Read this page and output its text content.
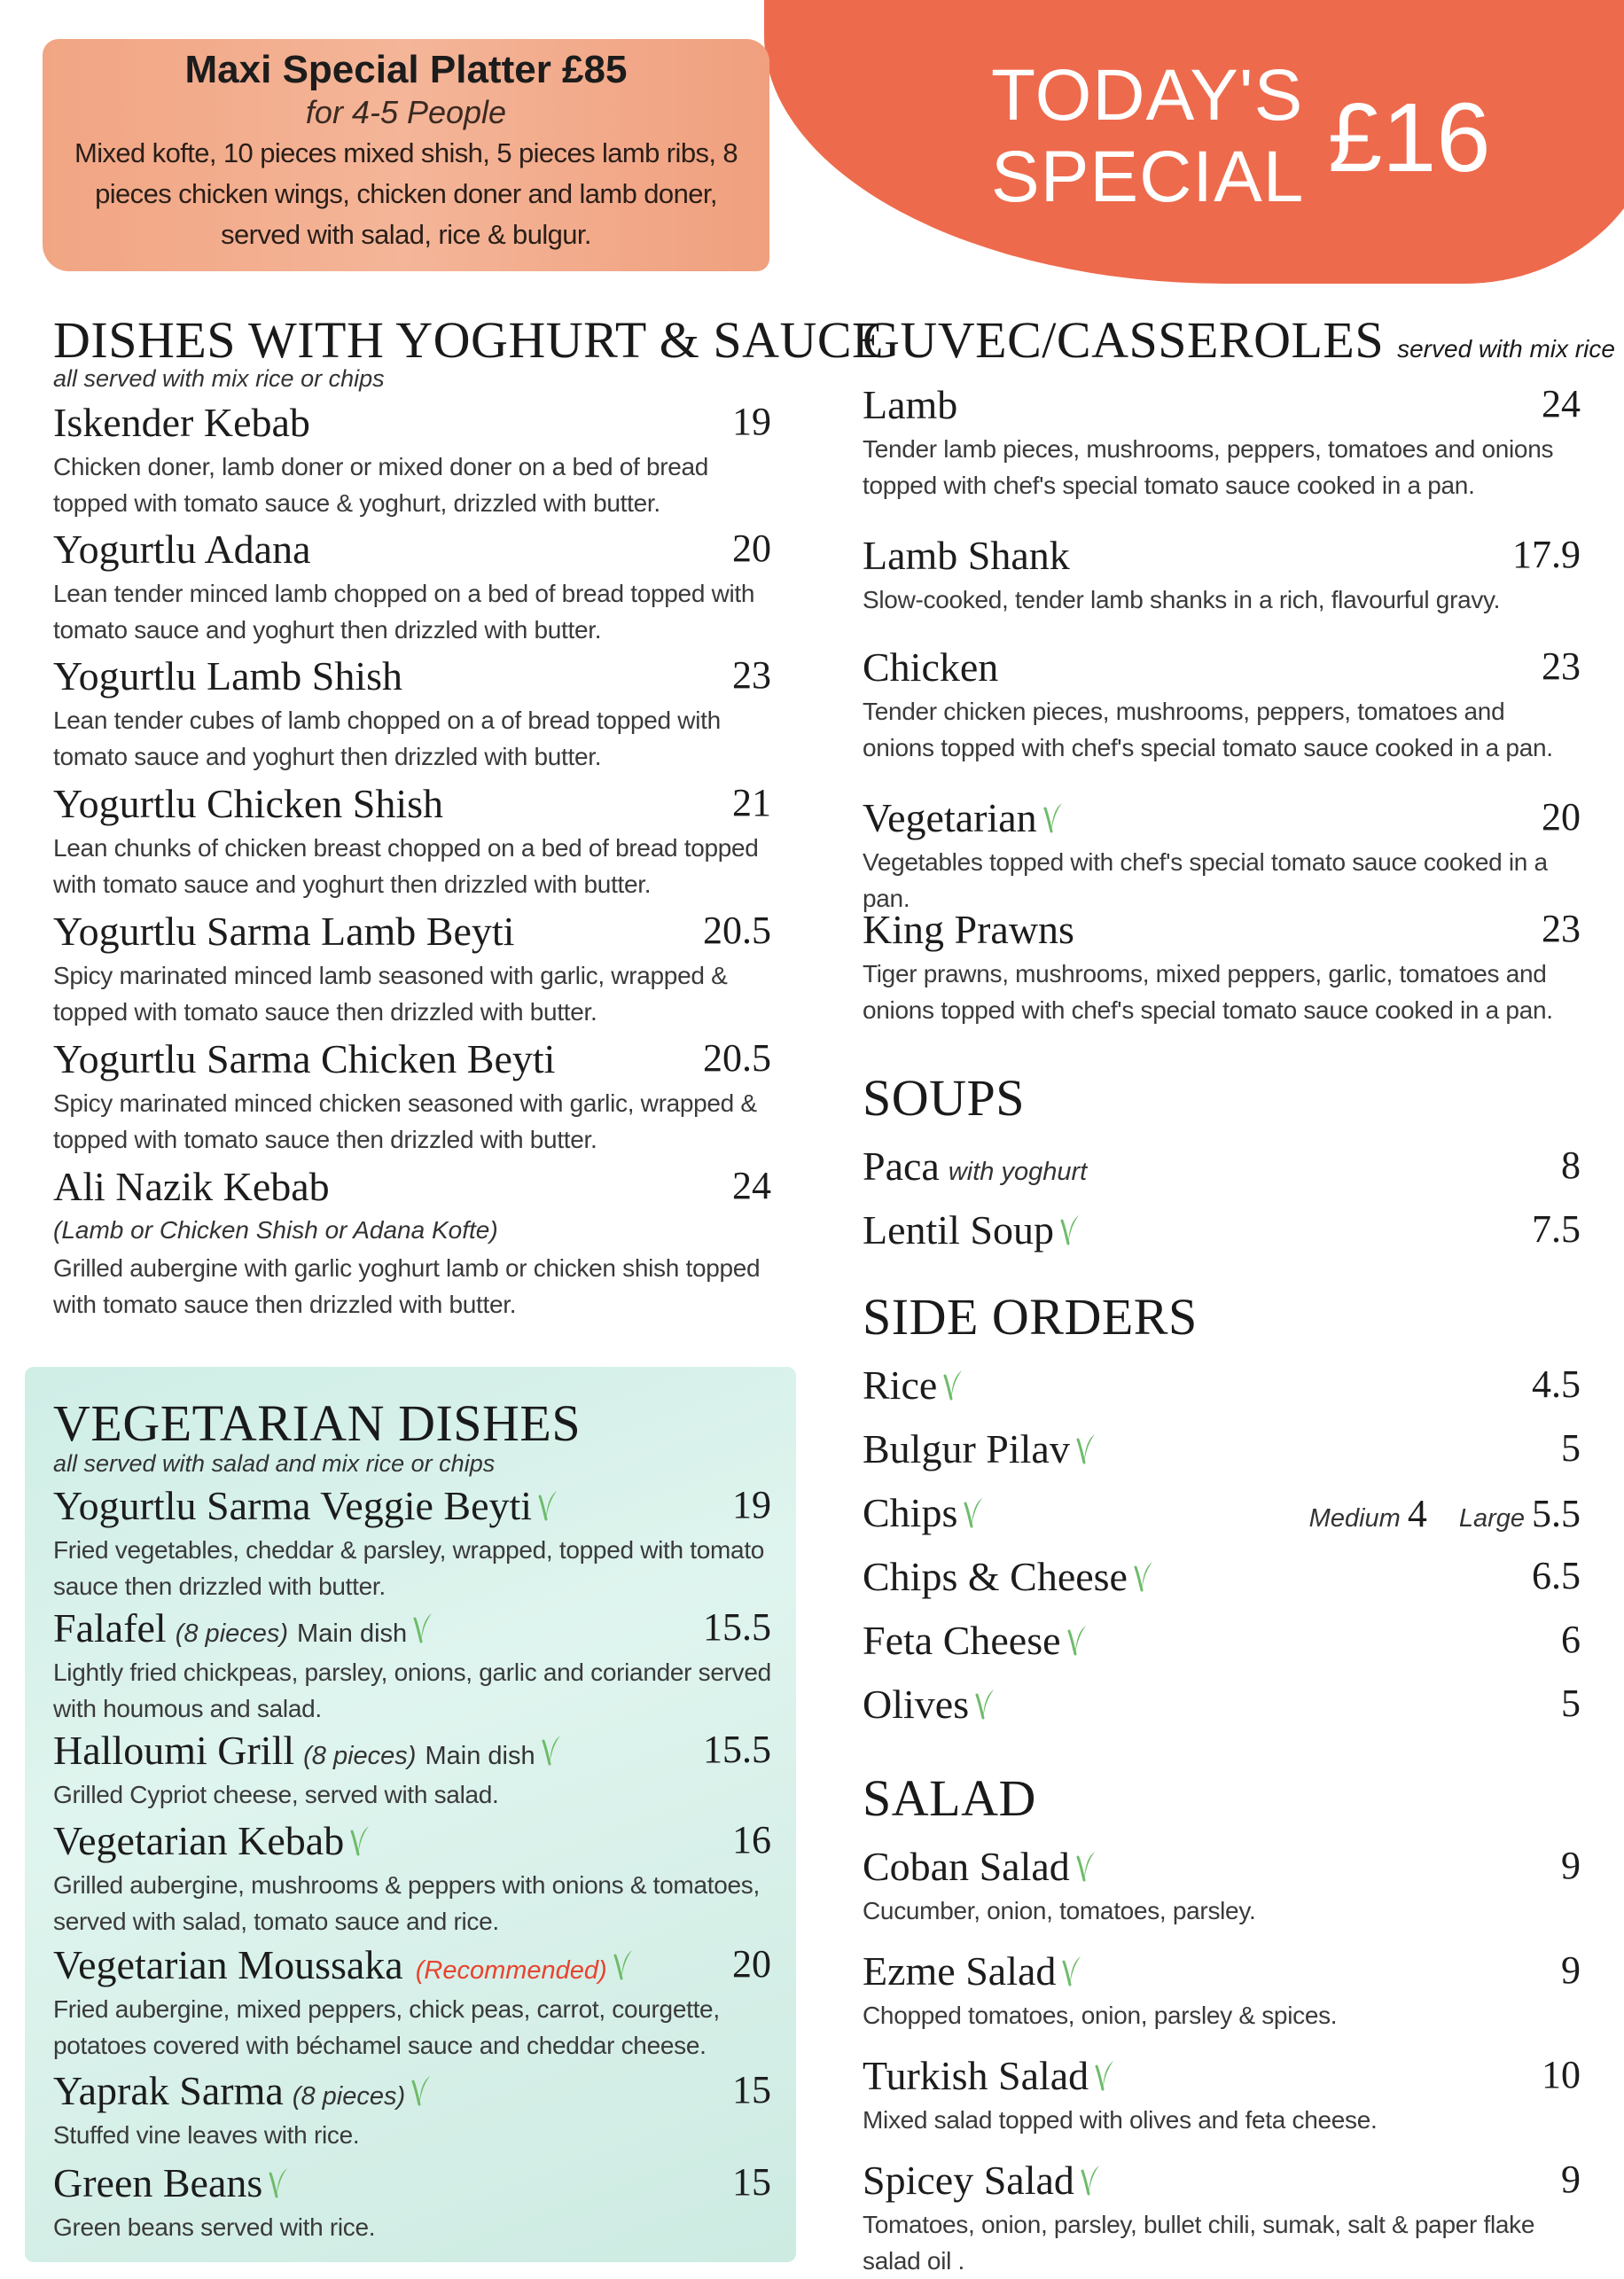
TODAY'S
SPECIAL £16
Maxi Special Platter £85
for 4-5 People
Mixed kofte, 10 pieces mixed shish, 5 pieces lamb ribs, 8 pieces chicken wings, chicken doner and lamb doner, served with salad, rice & bulgur.
DISHES WITH YOGHURT & SAUCE
all served with mix rice or chips
Iskender Kebab	19
Chicken doner, lamb doner or mixed doner on a bed of bread topped with tomato sauce & yoghurt, drizzled with butter.
Yogurtlu Adana	20
Lean tender minced lamb chopped on a bed of bread topped with tomato sauce and yoghurt then drizzled with butter.
Yogurtlu Lamb Shish	23
Lean tender cubes of lamb chopped on a of bread topped with tomato sauce and yoghurt then drizzled with butter.
Yogurtlu Chicken Shish	21
Lean chunks of chicken breast chopped on a bed of bread topped with tomato sauce and yoghurt then drizzled with butter.
Yogurtlu Sarma Lamb Beyti	20.5
Spicy marinated minced lamb seasoned with garlic, wrapped & topped with tomato sauce then drizzled with butter.
Yogurtlu Sarma Chicken Beyti	20.5
Spicy marinated minced chicken seasoned with garlic, wrapped & topped with tomato sauce then drizzled with butter.
Ali Nazik Kebab	24
(Lamb or Chicken Shish or Adana Kofte)
Grilled aubergine with garlic yoghurt lamb or chicken shish topped with tomato sauce then drizzled with butter.
VEGETARIAN DISHES
all served with salad and mix rice or chips
Yogurtlu Sarma Veggie Beyti	19
Fried vegetables, cheddar & parsley, wrapped, topped with tomato sauce then drizzled with butter.
Falafel (8 pieces) Main dish	15.5
Lightly fried chickpeas, parsley, onions, garlic and coriander served with houmous and salad.
Halloumi Grill (8 pieces) Main dish	15.5
Grilled Cypriot cheese, served with salad.
Vegetarian Kebab	16
Grilled aubergine, mushrooms & peppers with onions & tomatoes, served with salad, tomato sauce and rice.
Vegetarian Moussaka (Recommended)	20
Fried aubergine, mixed peppers, chick peas, carrot, courgette, potatoes covered with béchamel sauce and cheddar cheese.
Yaprak Sarma (8 pieces)	15
Stuffed vine leaves with rice.
Green Beans	15
Green beans served with rice.
GUVEC/CASSEROLES served with mix rice
Lamb	24
Tender lamb pieces, mushrooms, peppers, tomatoes and onions topped with chef's special tomato sauce cooked in a pan.
Lamb Shank	17.9
Slow-cooked, tender lamb shanks in a rich, flavourful gravy.
Chicken	23
Tender chicken pieces, mushrooms, peppers, tomatoes and onions topped with chef's special tomato sauce cooked in a pan.
Vegetarian	20
Vegetables topped with chef's special tomato sauce cooked in a pan.
King Prawns	23
Tiger prawns, mushrooms, mixed peppers, garlic, tomatoes and onions topped with chef's special tomato sauce cooked in a pan.
SOUPS
Paca with yoghurt	8
Lentil Soup	7.5
SIDE ORDERS
Rice	4.5
Bulgur Pilav	5
Chips	Medium 4 Large 5.5
Chips & Cheese	6.5
Feta Cheese	6
Olives	5
SALAD
Coban Salad	9
Cucumber, onion, tomatoes, parsley.
Ezme Salad	9
Chopped tomatoes, onion, parsley & spices.
Turkish Salad	10
Mixed salad topped with olives and feta cheese.
Spicey Salad	9
Tomatoes, onion, parsley, bullet chili, sumak, salt & paper flake salad oil .
